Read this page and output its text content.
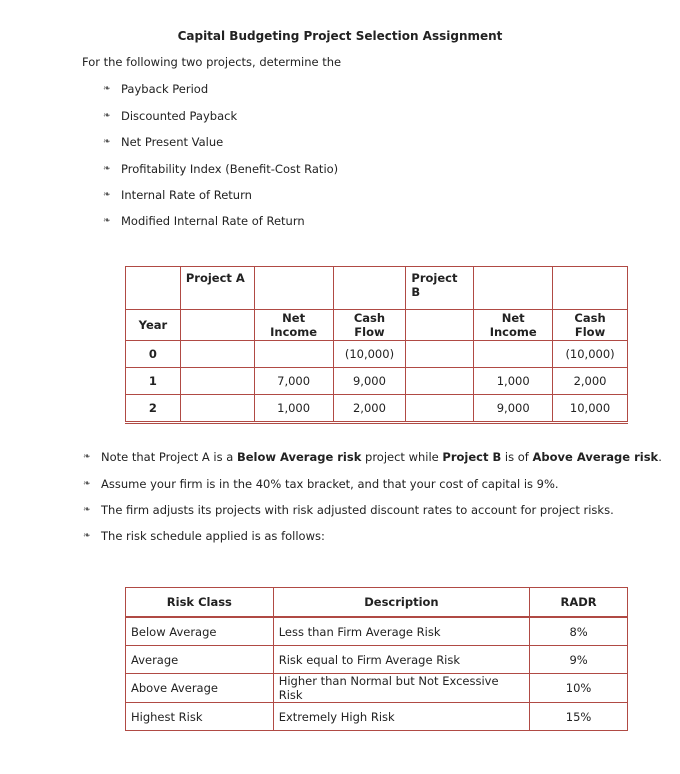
Capital Budgeting Project Selection Assignment
For the following two projects, determine the
❧ Payback Period
❧ Discounted Payback
❧ Net Present Value
❧ Profitability Index (Benefit-Cost Ratio)
❧ Internal Rate of Return
❧ Modified Internal Rate of Return
	Project A			Project B		
Year		Net Income	Cash Flow		Net Income	Cash Flow
0			(10,000)			(10,000)
1		7,000	9,000		1,000	2,000
2		1,000	2,000		9,000	10,000
❧ Note that Project A is a Below Average risk project while Project B is of Above Average risk.
❧ Assume your firm is in the 40% tax bracket, and that your cost of capital is 9%.
❧ The firm adjusts its projects with risk adjusted discount rates to account for project risks.
❧ The risk schedule applied is as follows:
Risk Class	Description	RADR
Below Average	Less than Firm Average Risk	8%
Average	Risk equal to Firm Average Risk	9%
Above Average	Higher than Normal but Not Excessive Risk	10%
Highest Risk	Extremely High Risk	15%
